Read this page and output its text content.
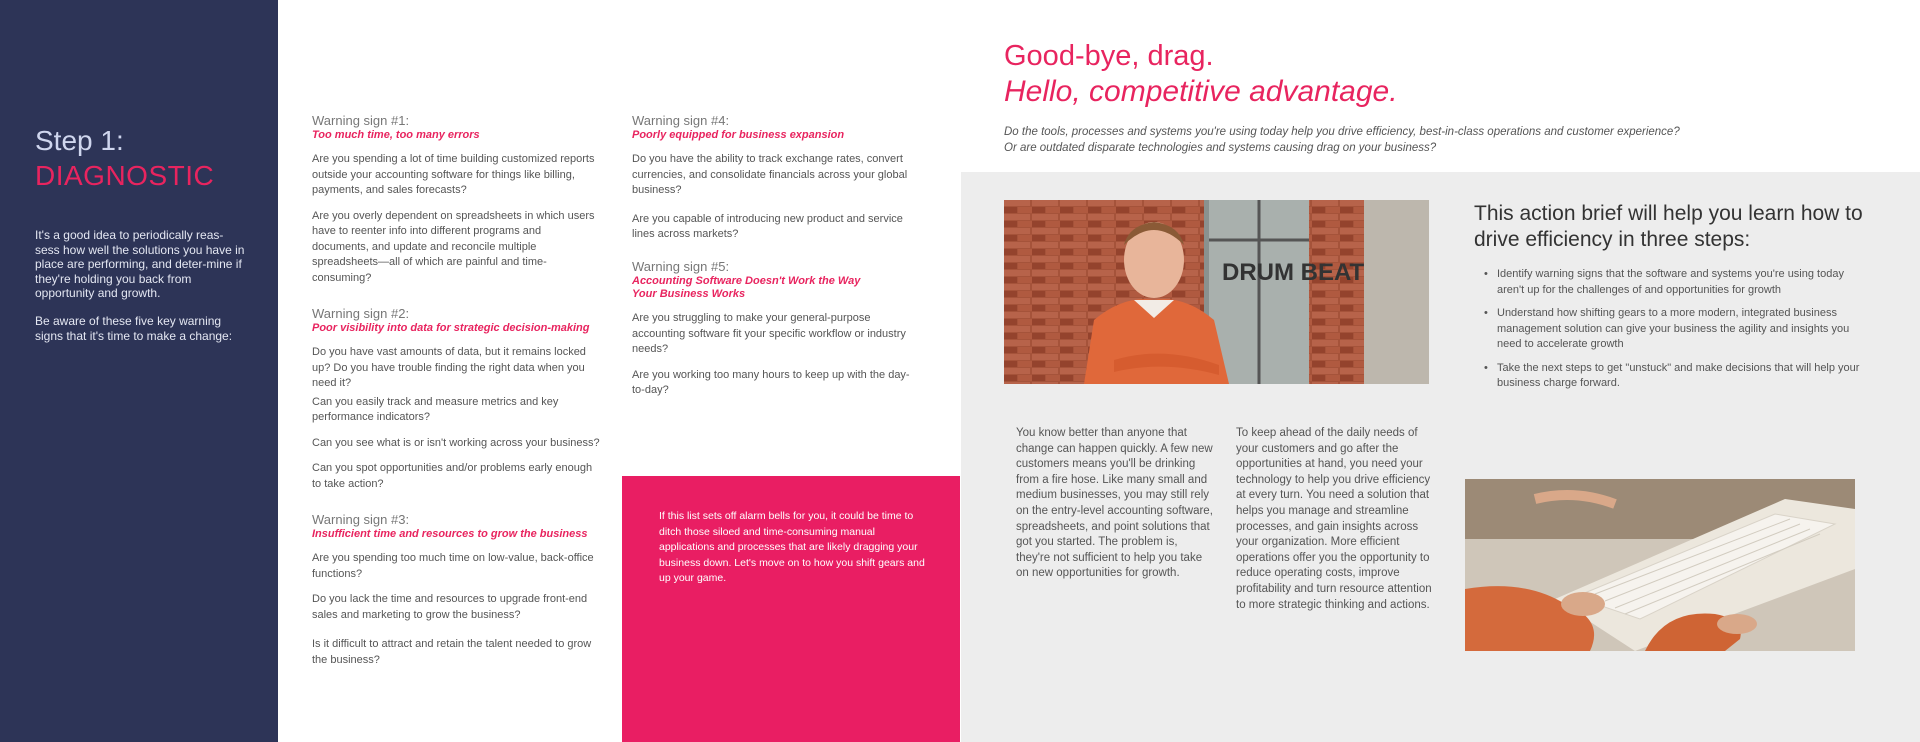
Step 1:
DIAGNOSTIC
It's a good idea to periodically reas-sess how well the solutions you have in place are performing, and deter-mine if they're holding you back from opportunity and growth.
Be aware of these five key warning signs that it's time to make a change:
Warning sign #1:
Too much time, too many errors

Are you spending a lot of time building customized reports outside your accounting software for things like billing, payments, and sales forecasts?

Are you overly dependent on spreadsheets in which users have to reenter info into different programs and documents, and update and reconcile multiple spreadsheets—all of which are painful and time-consuming?

Warning sign #2:
Poor visibility into data for strategic decision-making

Do you have vast amounts of data, but it remains locked up? Do you have trouble finding the right data when you need it?

Can you easily track and measure metrics and key performance indicators?

Can you see what is or isn't working across your business?

Can you spot opportunities and/or problems early enough to take action?

Warning sign #3:
Insufficient time and resources to grow the business

Are you spending too much time on low-value, back-office functions?

Do you lack the time and resources to upgrade front-end sales and marketing to grow the business?

Is it difficult to attract and retain the talent needed to grow the business?

Warning sign #4:
Poorly equipped for business expansion

Do you have the ability to track exchange rates, convert currencies, and consolidate financials across your global business?

Are you capable of introducing new product and service lines across markets?

Warning sign #5:
Accounting Software Doesn't Work the Way Your Business Works

Are you struggling to make your general-purpose accounting software fit your specific workflow or industry needs?

Are you working too many hours to keep up with the day-to-day?

If this list sets off alarm bells for you, it could be time to ditch those siloed and time-consuming manual applications and processes that are likely dragging your business down. Let's move on to how you shift gears and up your game.
Good-bye, drag.
Hello, competitive advantage.
Do the tools, processes and systems you're using today help you drive efficiency, best-in-class operations and customer experience?
Or are outdated disparate technologies and systems causing drag on your business?
DRUM BEAT
This action brief will help you learn how to drive efficiency in three steps:
• Identify warning signs that the software and systems you're using today aren't up for the challenges of and opportunities for growth
• Understand how shifting gears to a more modern, integrated business management solution can give your business the agility and insights you need to accelerate growth
• Take the next steps to get "unstuck" and make decisions that will help your business charge forward.
You know better than anyone that change can happen quickly. A few new customers means you'll be drinking from a fire hose. Like many small and medium businesses, you may still rely on the entry-level accounting software, spreadsheets, and point solutions that got you started. The problem is, they're not sufficient to help you take on new opportunities for growth.
To keep ahead of the daily needs of your customers and go after the opportunities at hand, you need your technology to help you drive efficiency at every turn. You need a solution that helps you manage and streamline processes, and gain insights across your organization. More efficient operations offer you the opportunity to reduce operating costs, improve profitability and turn resource attention to more strategic thinking and actions.
